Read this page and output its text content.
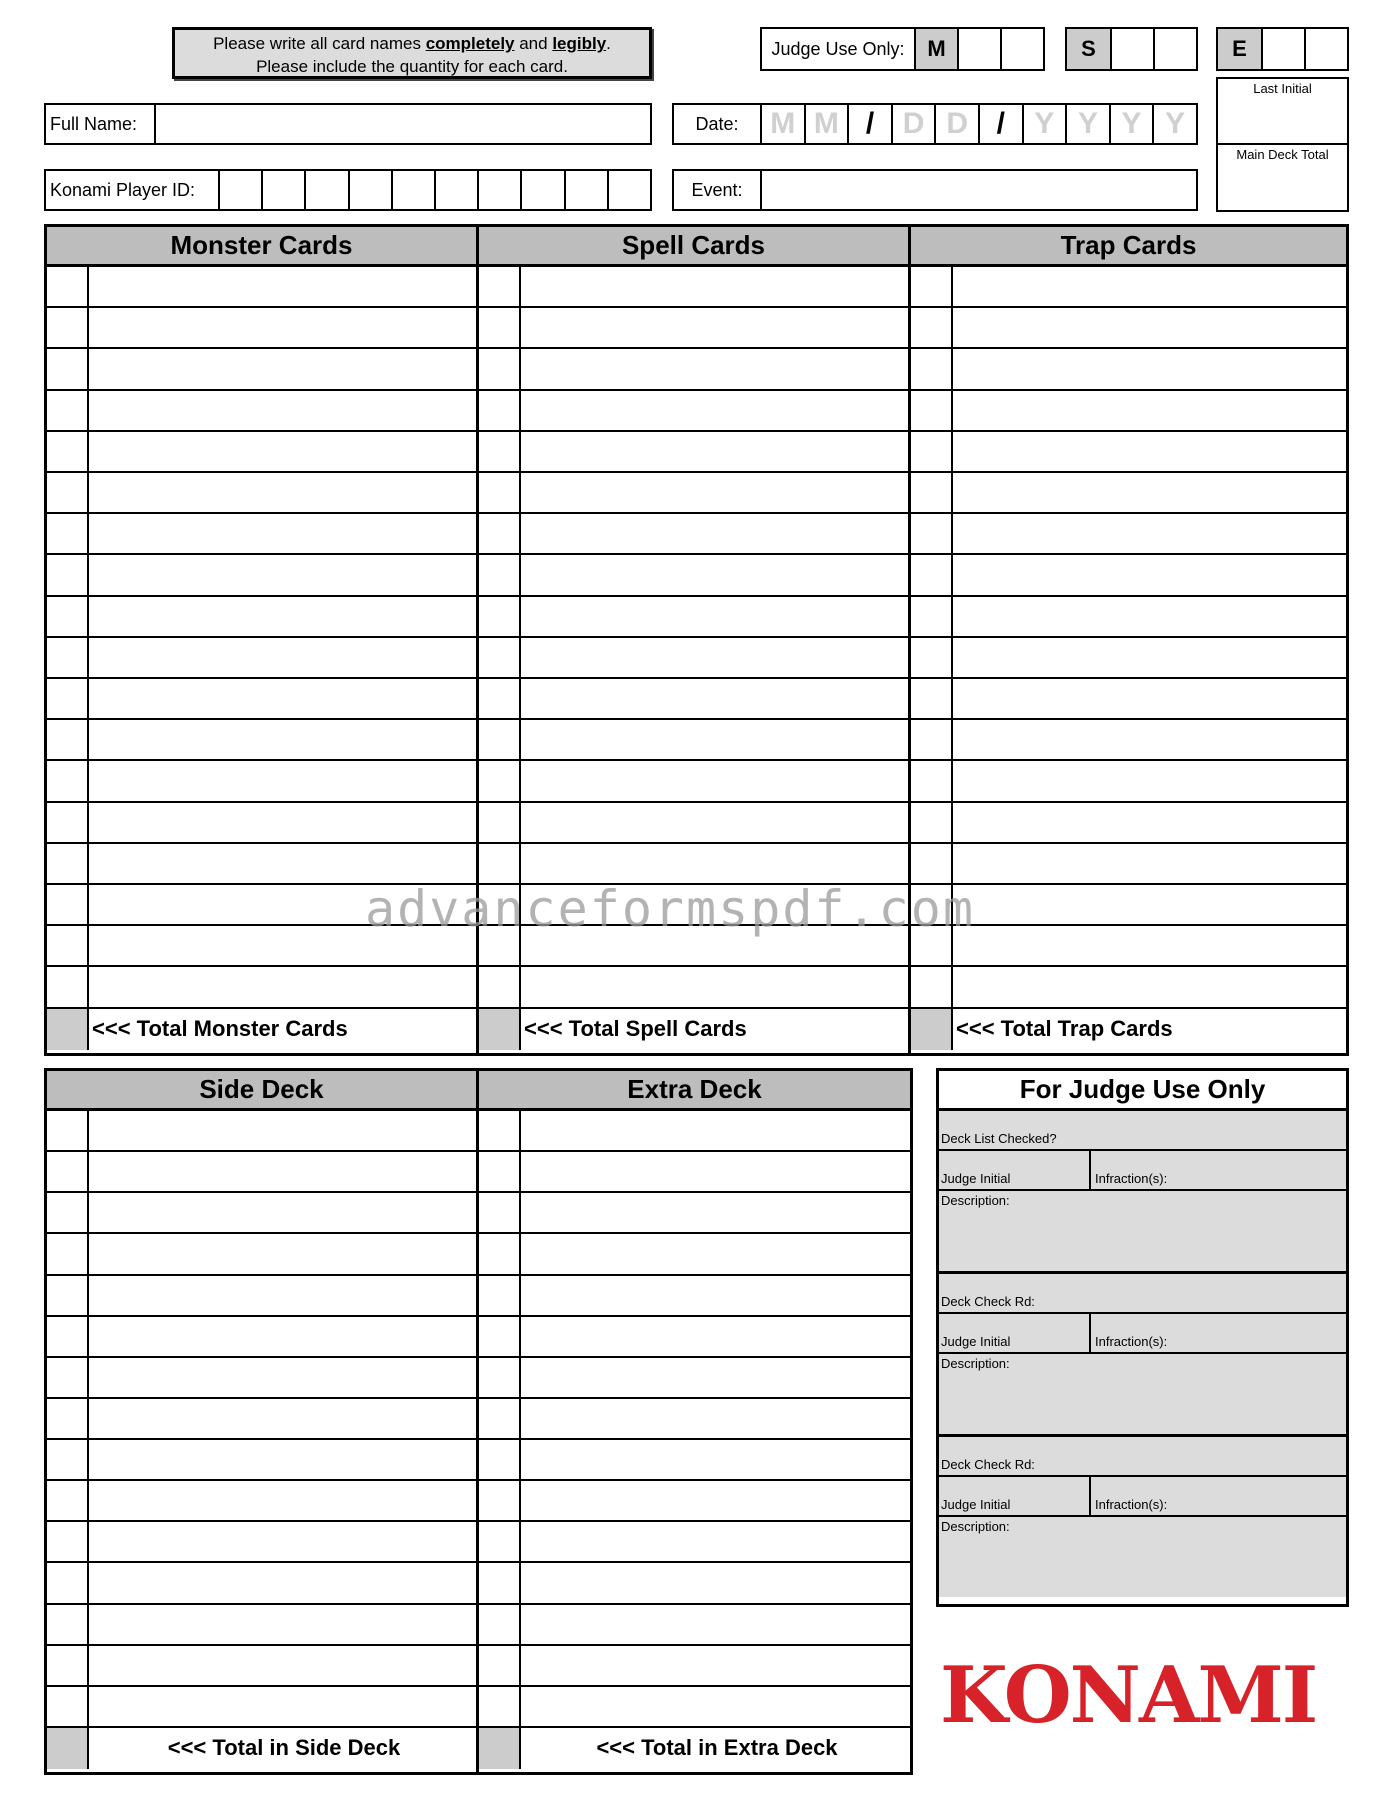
Please write all card names completely and legibly.
Please include the quantity for each card.
Judge Use Only:	M	S	E
Last Initial
Main Deck Total
Full Name:	Date:	M M / D D / Y Y Y Y
Konami Player ID:	Event:
Monster Cards
<<< Total Monster Cards
Spell Cards
<<< Total Spell Cards
Trap Cards
<<< Total Trap Cards
Side Deck
<<< Total in Side Deck
Extra Deck
<<< Total in Extra Deck
For Judge Use Only
Deck List Checked?
Judge Initial	Infraction(s):
Description:
Deck Check Rd:
Judge Initial	Infraction(s):
Description:
Deck Check Rd:
Judge Initial	Infraction(s):
Description:
advanceformspdf.com
KONAMI
